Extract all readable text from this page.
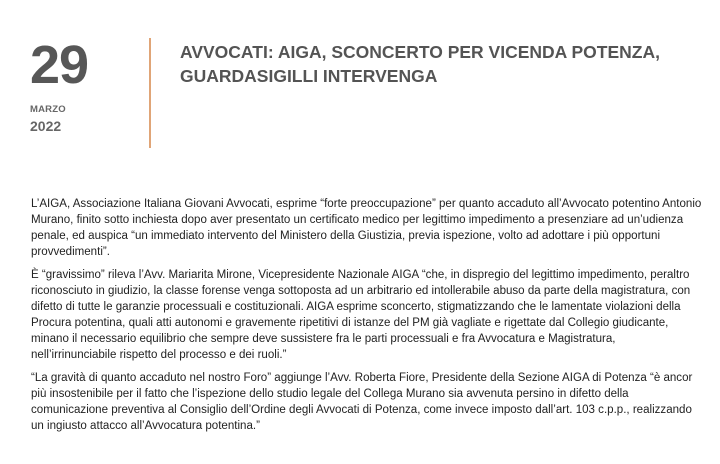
29
MARZO
2022
AVVOCATI: AIGA, SCONCERTO PER VICENDA POTENZA, GUARDASIGILLI INTERVENGA

L’AIGA, Associazione Italiana Giovani Avvocati, esprime “forte preoccupazione” per quanto accaduto all’Avvocato potentino Antonio Murano, finito sotto inchiesta dopo aver presentato un certificato medico per legittimo impedimento a presenziare ad un’udienza penale, ed auspica “un immediato intervento del Ministero della Giustizia, previa ispezione, volto ad adottare i più opportuni provvedimenti”.

È “gravissimo” rileva l’Avv. Mariarita Mirone, Vicepresidente Nazionale AIGA “che, in dispregio del legittimo impedimento, peraltro riconosciuto in giudizio, la classe forense venga sottoposta ad un arbitrario ed intollerabile abuso da parte della magistratura, con difetto di tutte le garanzie processuali e costituzionali. AIGA esprime sconcerto, stigmatizzando che le lamentate violazioni della Procura potentina, quali atti autonomi e gravemente ripetitivi di istanze del PM già vagliate e rigettate dal Collegio giudicante, minano il necessario equilibrio che sempre deve sussistere fra le parti processuali e fra Avvocatura e Magistratura, nell’irrinunciabile rispetto del processo e dei ruoli.”

“La gravità di quanto accaduto nel nostro Foro” aggiunge l’Avv. Roberta Fiore, Presidente della Sezione AIGA di Potenza “è ancor più insostenibile per il fatto che l’ispezione dello studio legale del Collega Murano sia avvenuta persino in difetto della comunicazione preventiva al Consiglio dell’Ordine degli Avvocati di Potenza, come invece imposto dall’art. 103 c.p.p., realizzando un ingiusto attacco all’Avvocatura potentina.”
